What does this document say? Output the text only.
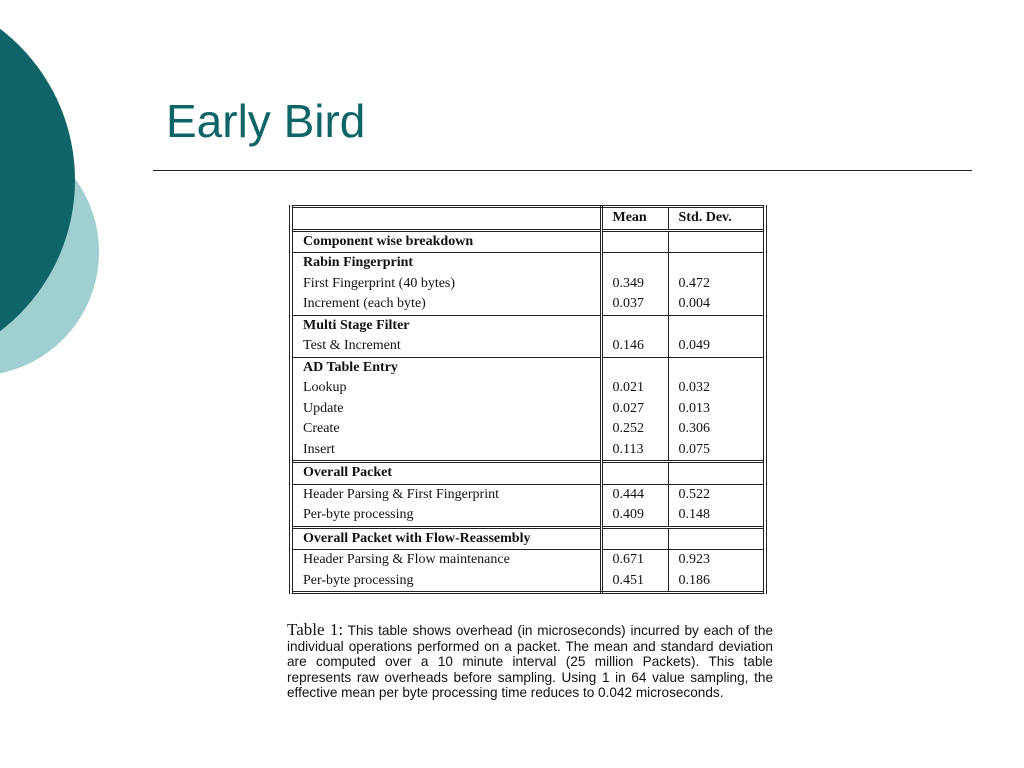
Early Bird
	Mean	Std. Dev.
Component wise breakdown		
Rabin Fingerprint		
First Fingerprint (40 bytes)	0.349	0.472
Increment (each byte)	0.037	0.004
Multi Stage Filter		
Test & Increment	0.146	0.049
AD Table Entry		
Lookup	0.021	0.032
Update	0.027	0.013
Create	0.252	0.306
Insert	0.113	0.075
Overall Packet		
Header Parsing & First Fingerprint	0.444	0.522
Per-byte processing	0.409	0.148
Overall Packet with Flow-Reassembly		
Header Parsing & Flow maintenance	0.671	0.923
Per-byte processing	0.451	0.186
Table 1: This table shows overhead (in microseconds) incurred by each of the individual operations performed on a packet. The mean and standard deviation are computed over a 10 minute interval (25 million Packets). This table represents raw overheads before sampling. Using 1 in 64 value sampling, the effective mean per byte processing time reduces to 0.042 microseconds.
